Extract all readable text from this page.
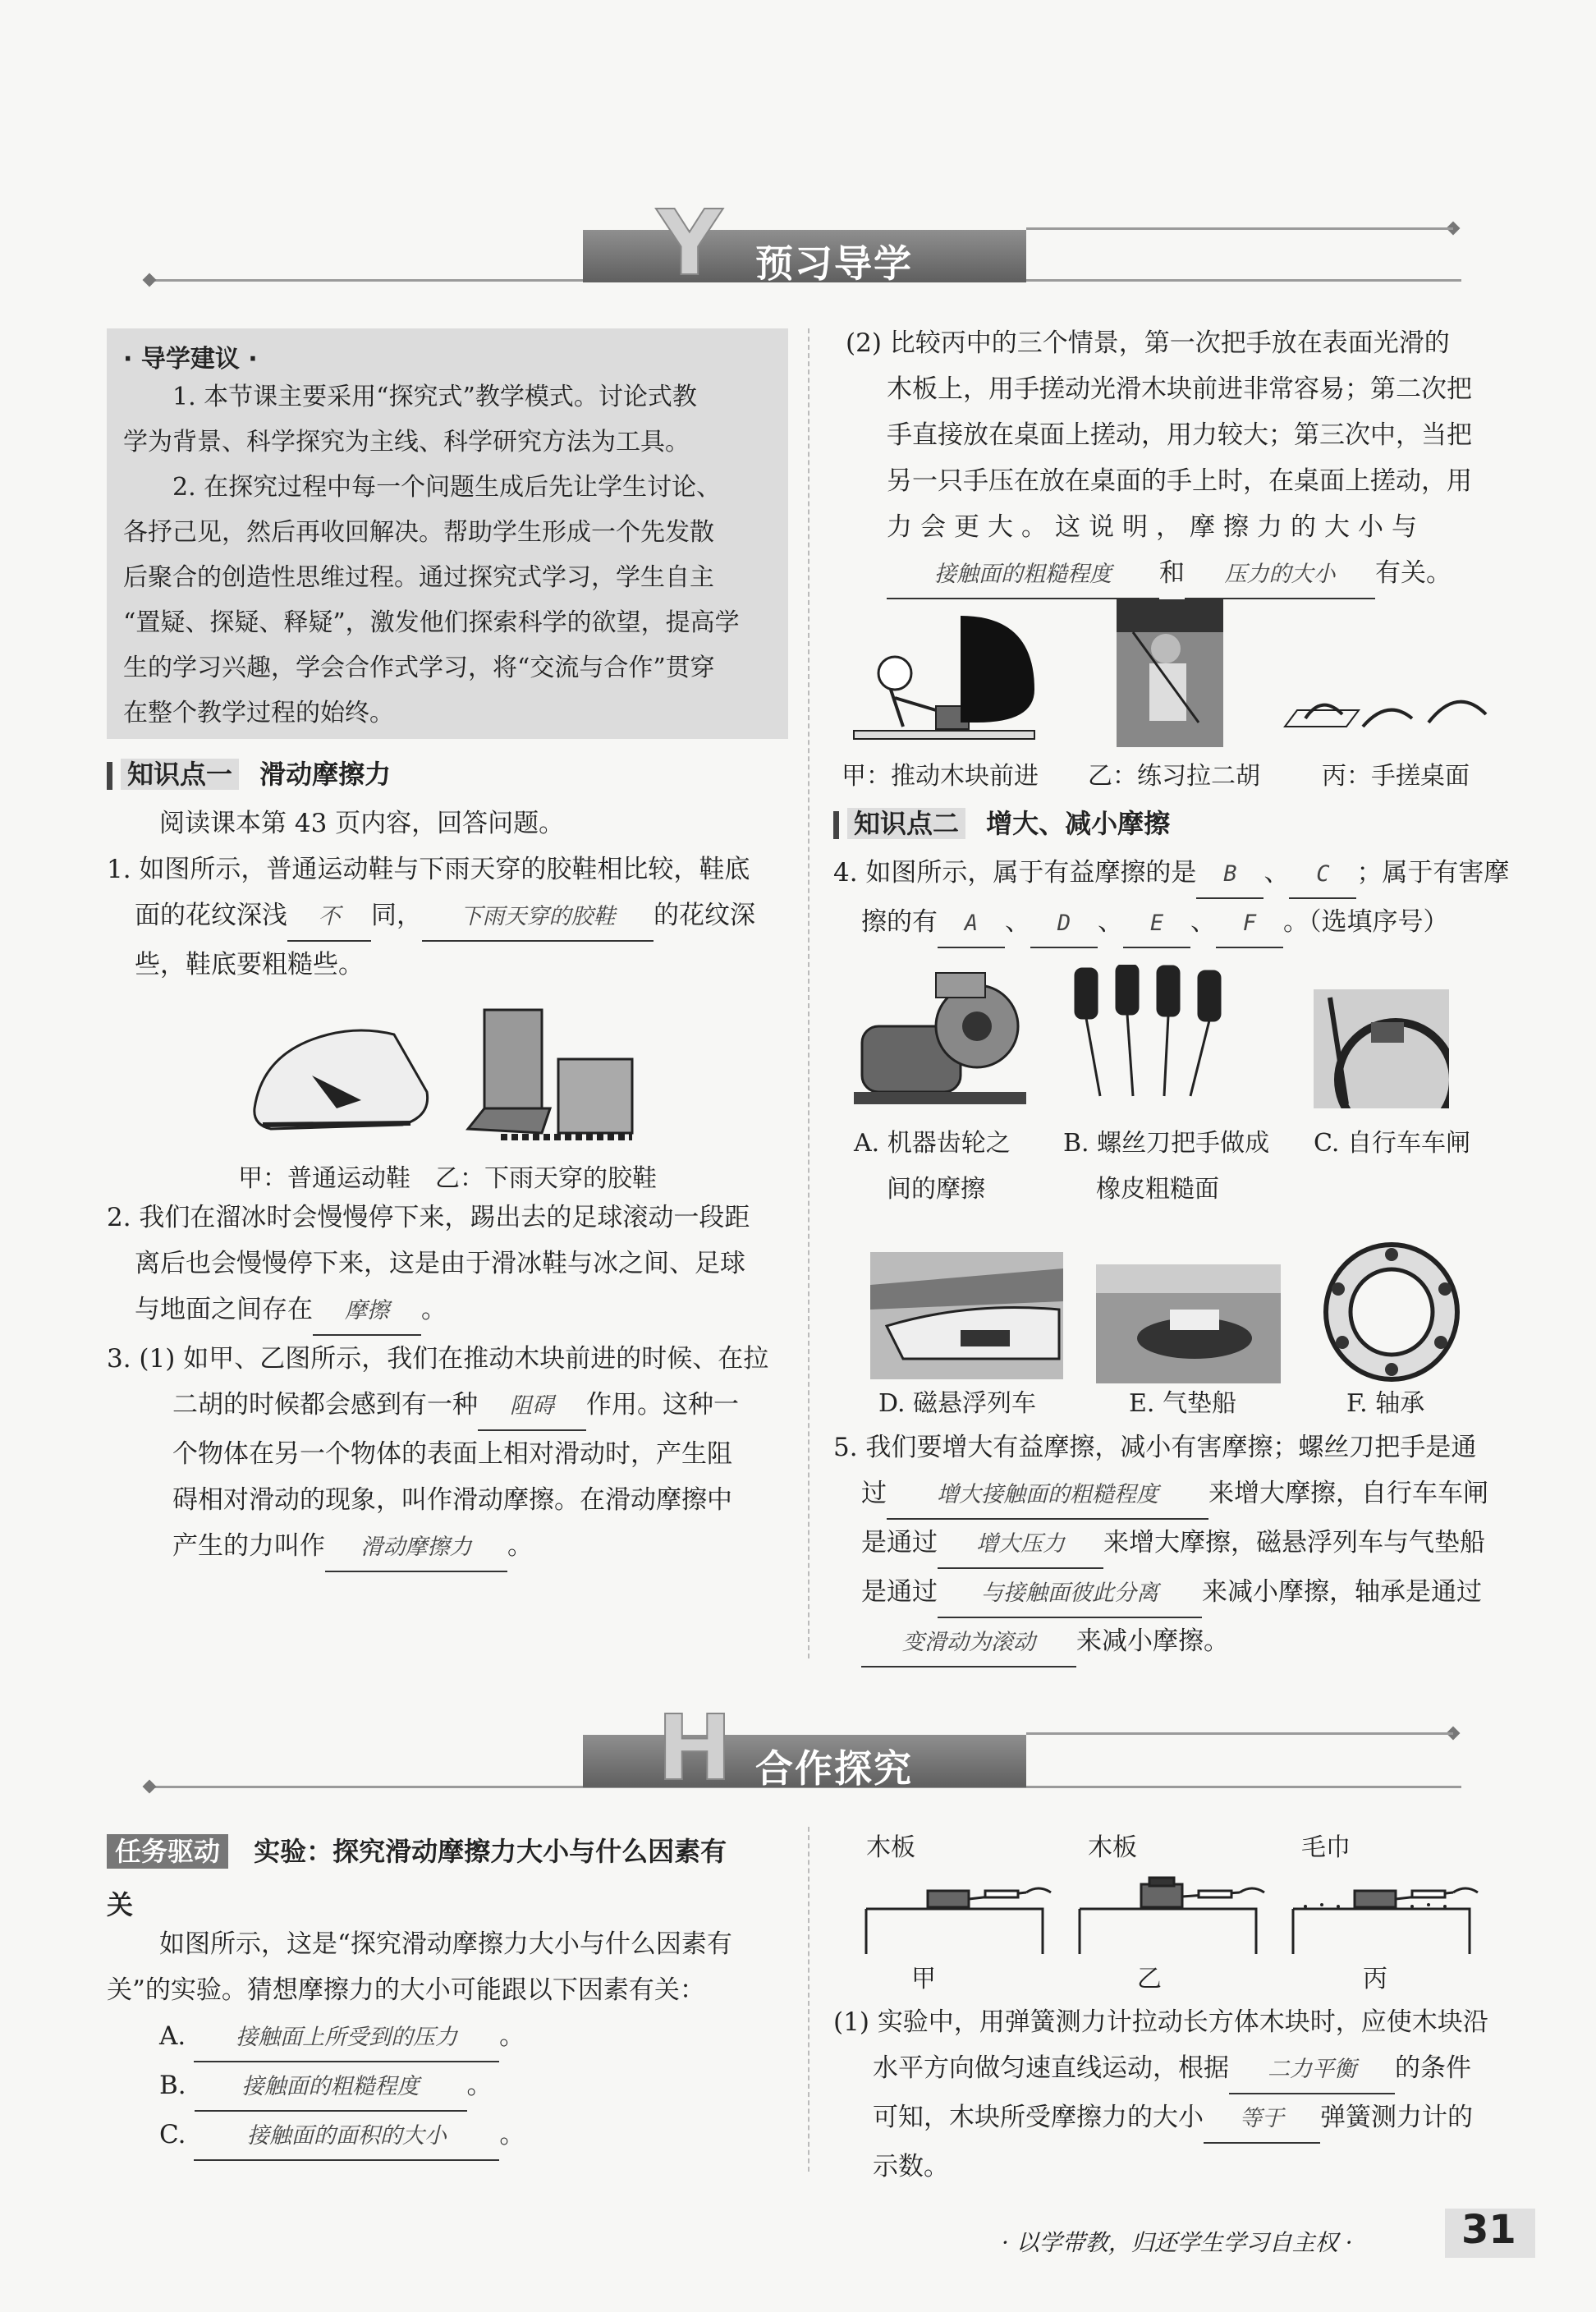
Y 预习导学
· 导学建议 ·
1. 本节课主要采用“探究式”教学模式。讨论式教
学为背景、科学探究为主线、科学研究方法为工具。
2. 在探究过程中每一个问题生成后先让学生讨论、
各抒己见，然后再收回解决。帮助学生形成一个先发散
后聚合的创造性思维过程。通过探究式学习，学生自主
“置疑、探疑、释疑”，激发他们探索科学的欲望，提高学
生的学习兴趣，学会合作式学习，将“交流与合作”贯穿
在整个教学过程的始终。
知识点一 滑动摩擦力
阅读课本第 43 页内容，回答问题。
1. 如图所示，普通运动鞋与下雨天穿的胶鞋相比较，鞋底
面的花纹深浅 不 同， 下雨天穿的胶鞋 的花纹深
些，鞋底要粗糙些。
甲：普通运动鞋　乙：下雨天穿的胶鞋
2. 我们在溜冰时会慢慢停下来，踢出去的足球滚动一段距
离后也会慢慢停下来，这是由于滑冰鞋与冰之间、足球
与地面之间存在 摩擦 。
3. (1) 如甲、乙图所示，我们在推动木块前进的时候、在拉
二胡的时候都会感到有一种 阻碍 作用。这种一
个物体在另一个物体的表面上相对滑动时，产生阻
碍相对滑动的现象，叫作滑动摩擦。在滑动摩擦中
产生的力叫作 滑动摩擦力 。
(2) 比较丙中的三个情景，第一次把手放在表面光滑的
木板上，用手搓动光滑木块前进非常容易；第二次把
手直接放在桌面上搓动，用力较大；第三次中，当把
另一只手压在放在桌面的手上时，在桌面上搓动，用
力会更大。这说明，摩擦力的大小与
接触面的粗糙程度 和 压力的大小 有关。
甲：推动木块前进 乙：练习拉二胡	丙：手搓桌面
知识点二 增大、减小摩擦
4. 如图所示，属于有益摩擦的是 B 、 C ；属于有害摩
擦的有 A 、 D 、 E 、 F 。（选填序号）
A. 机器齿轮之
间的摩擦
B. 螺丝刀把手做成
橡皮粗糙面
C. 自行车车闸
D. 磁悬浮列车	E. 气垫船	F. 轴承
5. 我们要增大有益摩擦，减小有害摩擦；螺丝刀把手是通
过 增大接触面的粗糙程度 来增大摩擦，自行车车闸
是通过 增大压力 来增大摩擦，磁悬浮列车与气垫船
是通过 与接触面彼此分离 来减小摩擦，轴承是通过
变滑动为滚动 来减小摩擦。
H 合作探究
任务驱动 实验：探究滑动摩擦力大小与什么因素有
关
如图所示，这是“探究滑动摩擦力大小与什么因素有
关”的实验。猜想摩擦力的大小可能跟以下因素有关：
A. 接触面上所受到的压力 。
B.	接触面的粗糙程度 。
C.	接触面的面积的大小 。
木板	木板	毛巾
甲	乙	丙
(1) 实验中，用弹簧测力计拉动长方体木块时，应使木块沿
水平方向做匀速直线运动，根据 二力平衡 的条件
可知，木块所受摩擦力的大小 等于 弹簧测力计的
示数。
· 以学带教，归还学生学习自主权 ·	31
